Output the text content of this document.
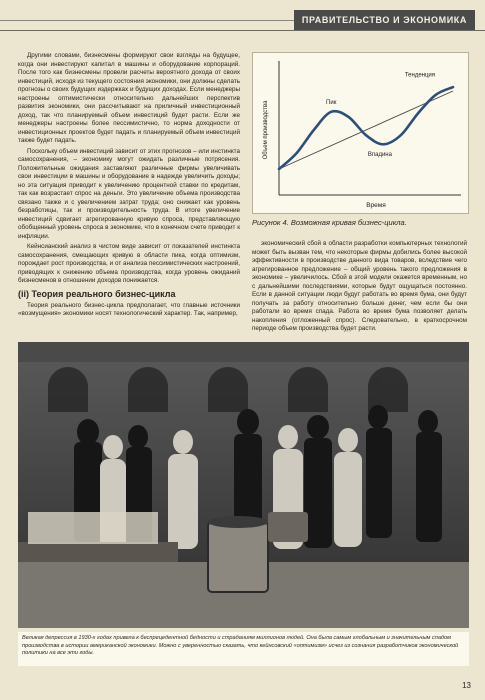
ПРАВИТЕЛЬСТВО И ЭКОНОМИКА

Другими словами, бизнесмены формируют свои взгляды на будущее, когда они инвестируют капитал в машины и оборудование корпораций. После того как бизнесмены провели расчеты вероятного дохода от своих инвестиций, исходя из текущего состояния экономики, они должны сделать прогнозы о своих будущих издержках и будущих доходах. Если менеджеры настроены оптимистически относительно дальнейших перспектив развития экономики, они рассчитывают на приличный инвестиционный доход, так что планируемый объем инвестиций будет расти. Если же менеджеры настроены более пессимистично, то норма доходности от инвестиционных проектов будет падать и планируемый объем инвестиций также будет падать.

Поскольку объем инвестиций зависит от этих прогнозов – или инстинкта самосохранения, – экономику могут ожидать различные потрясения. Положительные ожидания заставляют различные фирмы увеличивать свои инвестиции в машины и оборудование в надежде увеличить доходы; но эта ситуация приводит к увеличению процентной ставки по кредитам, так как возрастает спрос на деньги. Это увеличение объема производства связано также и с увеличением затрат труда; оно снижает как уровень безработицы, так и производительность труда. В итоге увеличение инвестиций сдвигает агрегированную кривую спроса, представляющую обобщенный уровень спроса в экономике, что в конечном счете приводит к инфляции.

Кейнсианский анализ в чистом виде зависит от показателей инстинкта самосохранения, смещающих кривую в области пика, когда оптимизм, порождает рост производства, и от анализа пессимистических настроений, приводящих к снижению объема производства, когда уровень ожиданий бизнесменов в отношении доходов понижается.

(ii) Теория реального бизнес-цикла

Теория реального бизнес-цикла предполагает, что главные источники «возмущения» экономики носят технологический характер. Так, например,

Объем производства
Время
Тенденция
Пик
Впадина
Рисунок 4. Возможная кривая бизнес-цикла.

экономический сбой в области разработки компьютерных технологий может быть вызван тем, что некоторые фирмы добились более высокой эффективности в производстве данного вида товаров, вследствие чего агрегированное предложение – общий уровень такого предложения в экономике – увеличилось. Сбой в этой модели окажется временным, но с дальнейшими последствиями, которые будут ощущаться постоянно. Если в данной ситуации люди будут работать во время бума, они будут получать за работу относительно больше денег, чем если бы они работали во время спада. Работа во время бума позволяет делать накопления (отложенный спрос). Следовательно, в краткосрочном периоде объем производства будет расти.

Великая депрессия в 1930-х годах привела к беспрецедентной бедности и страданиям миллионов людей. Она была самым глобальным и значительным спадом производства в истории американской экономики. Можно с уверенностью сказать, что кейнсовский «оптимизм» исчез из сознания разработчиков экономической политики на все эти годы.
13
